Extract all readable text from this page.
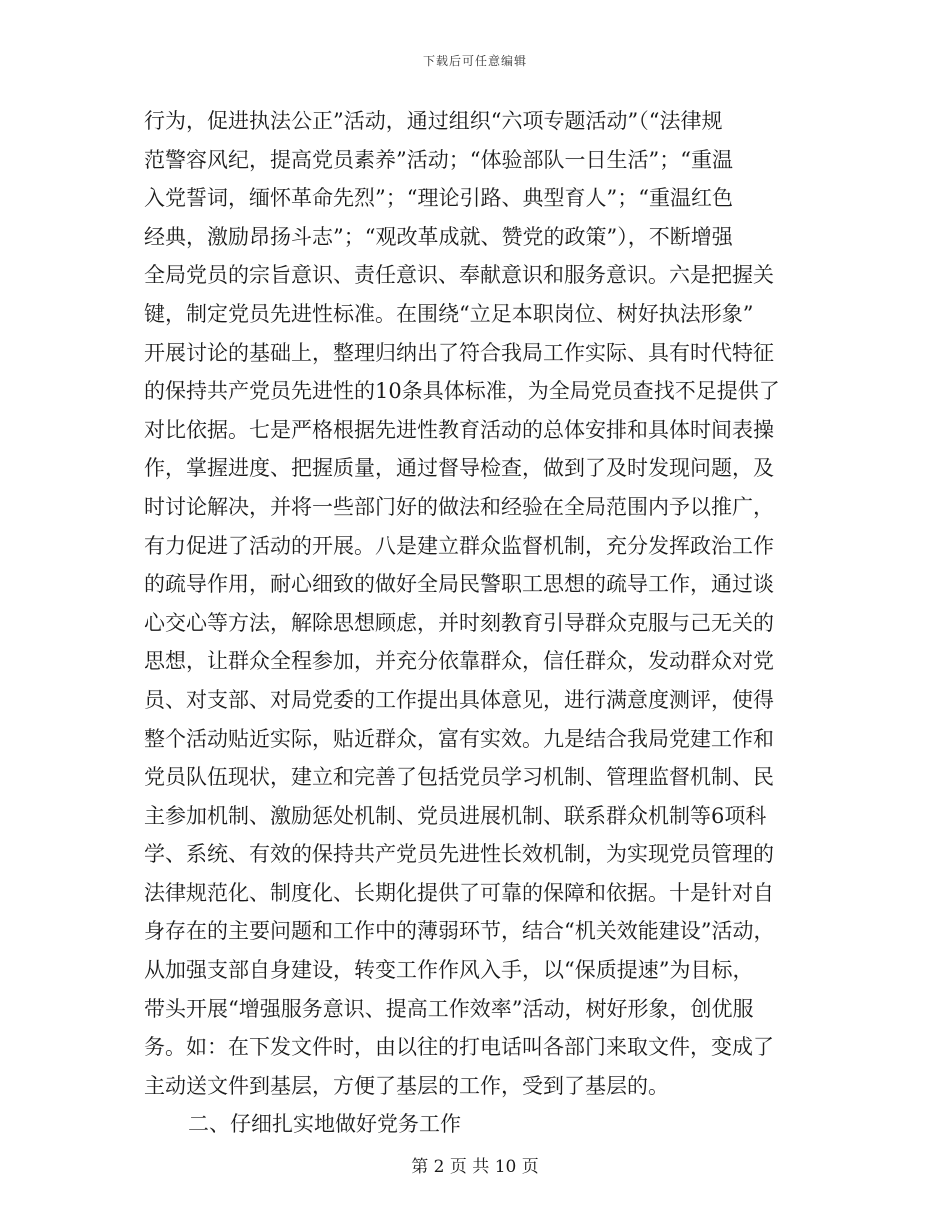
下载后可任意编辑
行为，促进执法公正”活动，通过组织“六项专题活动”（“法律规
范警容风纪，提高党员素养”活动；“体验部队一日生活”；“重温
入党誓词，缅怀革命先烈”；“理论引路、典型育人”；“重温红色
经典，激励昂扬斗志”；“观改革成就、赞党的政策”），不断增强
全局党员的宗旨意识、责任意识、奉献意识和服务意识。六是把握关
键，制定党员先进性标准。在围绕“立足本职岗位、树好执法形象”
开展讨论的基础上，整理归纳出了符合我局工作实际、具有时代特征
的保持共产党员先进性的10条具体标准，为全局党员查找不足提供了
对比依据。七是严格根据先进性教育活动的总体安排和具体时间表操
作，掌握进度、把握质量，通过督导检查，做到了及时发现问题，及
时讨论解决，并将一些部门好的做法和经验在全局范围内予以推广，
有力促进了活动的开展。八是建立群众监督机制，充分发挥政治工作
的疏导作用，耐心细致的做好全局民警职工思想的疏导工作，通过谈
心交心等方法，解除思想顾虑，并时刻教育引导群众克服与己无关的
思想，让群众全程参加，并充分依靠群众，信任群众，发动群众对党
员、对支部、对局党委的工作提出具体意见，进行满意度测评，使得
整个活动贴近实际，贴近群众，富有实效。九是结合我局党建工作和
党员队伍现状，建立和完善了包括党员学习机制、管理监督机制、民
主参加机制、激励惩处机制、党员进展机制、联系群众机制等6项科
学、系统、有效的保持共产党员先进性长效机制，为实现党员管理的
法律规范化、制度化、长期化提供了可靠的保障和依据。十是针对自
身存在的主要问题和工作中的薄弱环节，结合“机关效能建设”活动，
从加强支部自身建设，转变工作作风入手，以“保质提速”为目标，
带头开展“增强服务意识、提高工作效率”活动，树好形象，创优服
务。如：在下发文件时，由以往的打电话叫各部门来取文件，变成了
主动送文件到基层，方便了基层的工作，受到了基层的。
二、仔细扎实地做好党务工作
第 2 页 共 10 页
